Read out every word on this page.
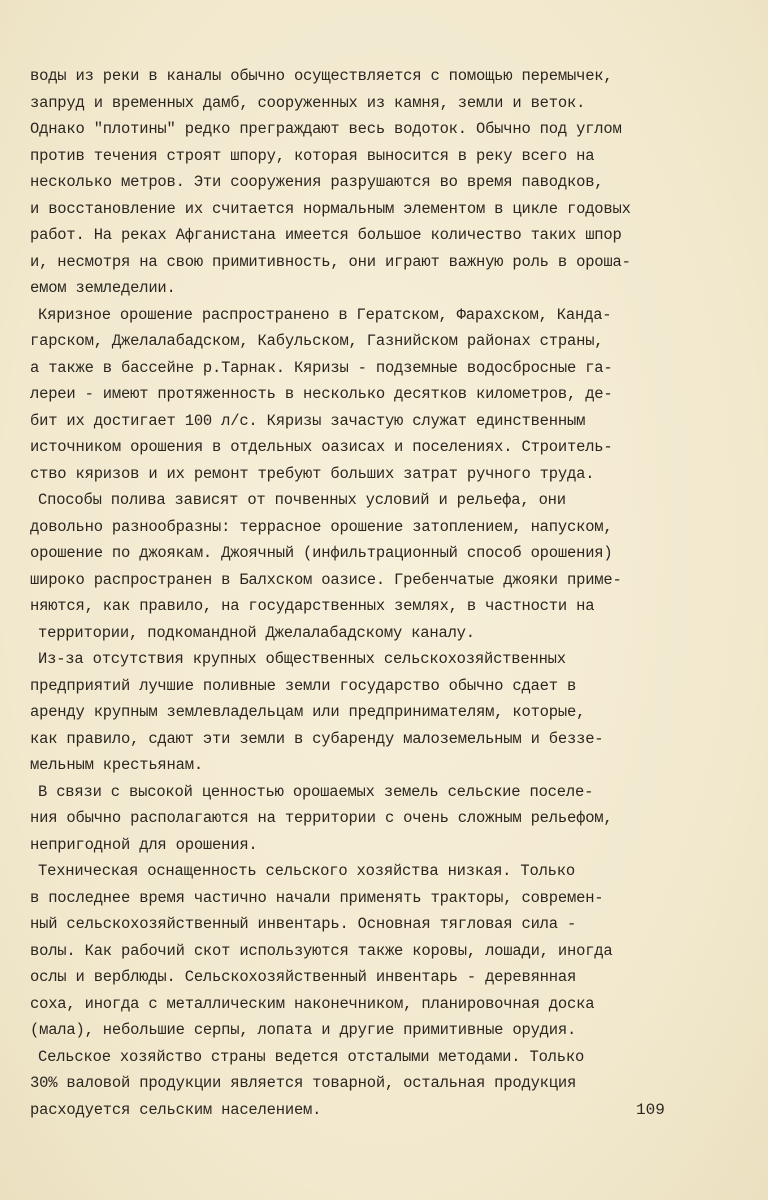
воды из реки в каналы обычно осуществляется с помощью перемычек,
запруд и временных дамб, сооруженных из камня, земли и веток.
Однако "плотины" редко преграждают весь водоток. Обычно под углом
против течения строят шпору, которая выносится в реку всего на
несколько метров. Эти сооружения разрушаются во время паводков,
и восстановление их считается нормальным элементом в цикле годовых
работ. На реках Афганистана имеется большое количество таких шпор
и, несмотря на свою примитивность, они играют важную роль в ороша-
емом земледелии.
Кяризное орошение распространено в Гератском, Фарахском, Канда-
гарском, Джелалабадском, Кабульском, Газнийском районах страны,
а также в бассейне р.Тарнак. Кяризы - подземные водосбросные га-
лереи - имеют протяженность в несколько десятков километров, де-
бит их достигает 100 л/с. Кяризы зачастую служат единственным
источником орошения в отдельных оазисах и поселениях. Строитель-
ство кяризов и их ремонт требуют больших затрат ручного труда.
Способы полива зависят от почвенных условий и рельефа, они
довольно разнообразны: террасное орошение затоплением, напуском,
орошение по джоякам. Джоячный (инфильтрационный способ орошения)
широко распространен в Балхском оазисе. Гребенчатые джояки приме-
няются, как правило, на государственных землях, в частности на
территории, подкомандной Джелалабадскому каналу.
Из-за отсутствия крупных общественных сельскохозяйственных
предприятий лучшие поливные земли государство обычно сдает в
аренду крупным землевладельцам или предпринимателям, которые,
как правило, сдают эти земли в субаренду малоземельным и беззе-
мельным крестьянам.
В связи с высокой ценностью орошаемых земель сельские поселе-
ния обычно располагаются на территории с очень сложным рельефом,
непригодной для орошения.
Техническая оснащенность сельского хозяйства низкая. Только
в последнее время частично начали применять тракторы, современ-
ный сельскохозяйственный инвентарь. Основная тягловая сила -
волы. Как рабочий скот используются также коровы, лошади, иногда
ослы и верблюды. Сельскохозяйственный инвентарь - деревянная
соха, иногда с металлическим наконечником, планировочная доска
(мала), небольшие серпы, лопата и другие примитивные орудия.
Сельское хозяйство страны ведется отсталыми методами. Только
30% валовой продукции является товарной, остальная продукция
расходуется сельским населением.	109
